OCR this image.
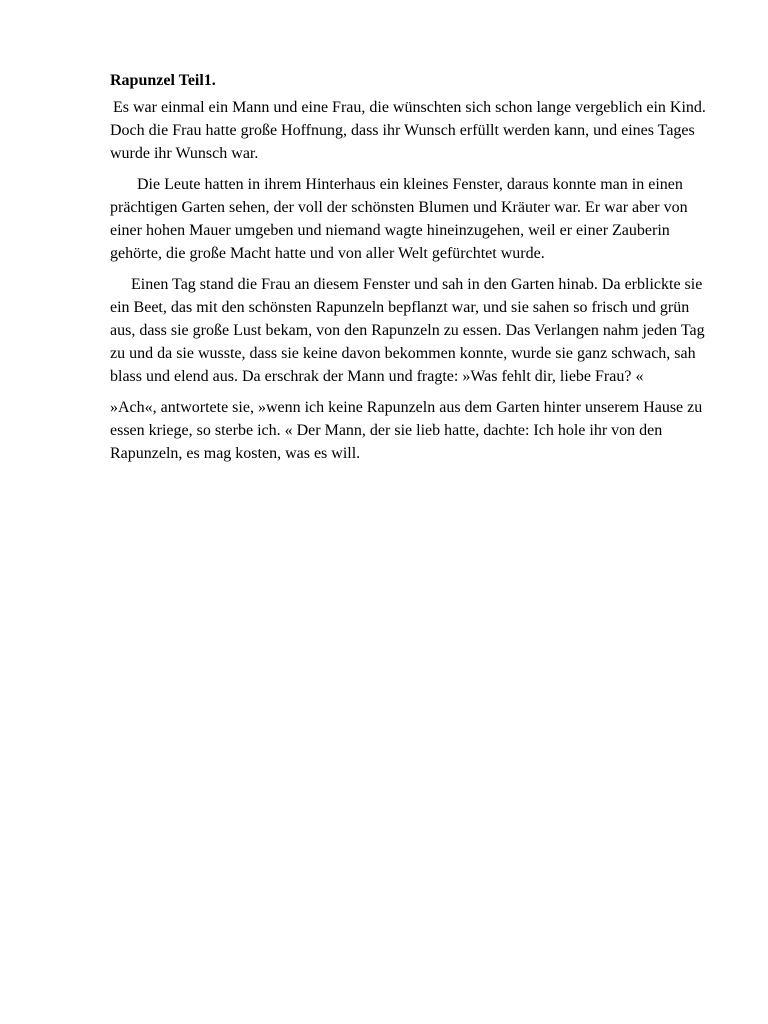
Rapunzel Teil1.

Es war einmal ein Mann und eine Frau, die wünschten sich schon lange vergeblich ein Kind. Doch die Frau hatte große Hoffnung, dass ihr Wunsch erfüllt werden kann, und eines Tages wurde ihr Wunsch war.

Die Leute hatten in ihrem Hinterhaus ein kleines Fenster, daraus konnte man in einen prächtigen Garten sehen, der voll der schönsten Blumen und Kräuter war. Er war aber von einer hohen Mauer umgeben und niemand wagte hineinzugehen, weil er einer Zauberin gehörte, die große Macht hatte und von aller Welt gefürchtet wurde.

Einen Tag stand die Frau an diesem Fenster und sah in den Garten hinab. Da erblickte sie ein Beet, das mit den schönsten Rapunzeln bepflanzt war, und sie sahen so frisch und grün aus, dass sie große Lust bekam, von den Rapunzeln zu essen. Das Verlangen nahm jeden Tag zu und da sie wusste, dass sie keine davon bekommen konnte, wurde sie ganz schwach, sah blass und elend aus. Da erschrak der Mann und fragte: »Was fehlt dir, liebe Frau? «

»Ach«, antwortete sie, »wenn ich keine Rapunzeln aus dem Garten hinter unserem Hause zu essen kriege, so sterbe ich. « Der Mann, der sie lieb hatte, dachte: Ich hole ihr von den Rapunzeln, es mag kosten, was es will.
